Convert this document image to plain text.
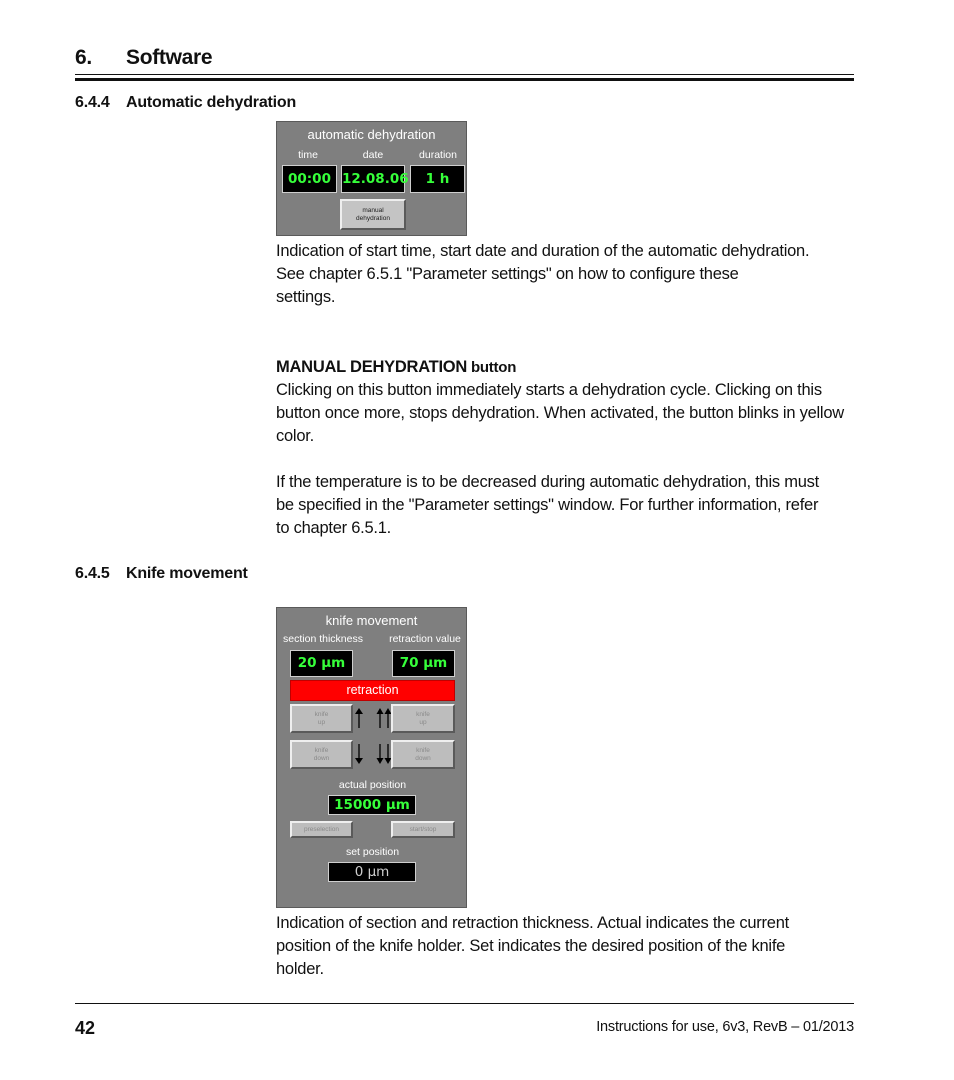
6. Software
6.4.4 Automatic dehydration
automatic dehydration
time	date	duration
00:00 12.08.06	1 h
manual
dehydration

Indication of start time, start date and duration of the automatic dehydration.

See chapter 6.5.1 "Parameter settings" on how to configure these settings.

MANUAL DEHYDRATION button

Clicking on this button immediately starts a dehydration cycle. Clicking on this button once more, stops dehydration. When activated, the button blinks in yellow color.

If the temperature is to be decreased during automatic dehydration, this must be specified in the "Parameter settings" window. For further information, refer to chapter 6.5.1.

6.4.5 Knife movement
knife movement
section thickness	retraction value
20 µm	70 µm
retraction
knife
up
knife
up
knife
down
knife
down
actual position
15000 µm
preselection	start/stop
set position
0 µm

Indication of section and retraction thickness. Actual indicates the current position of the knife holder. Set indicates the desired position of the knife holder.

42	Instructions for use, 6v3, RevB – 01/2013
